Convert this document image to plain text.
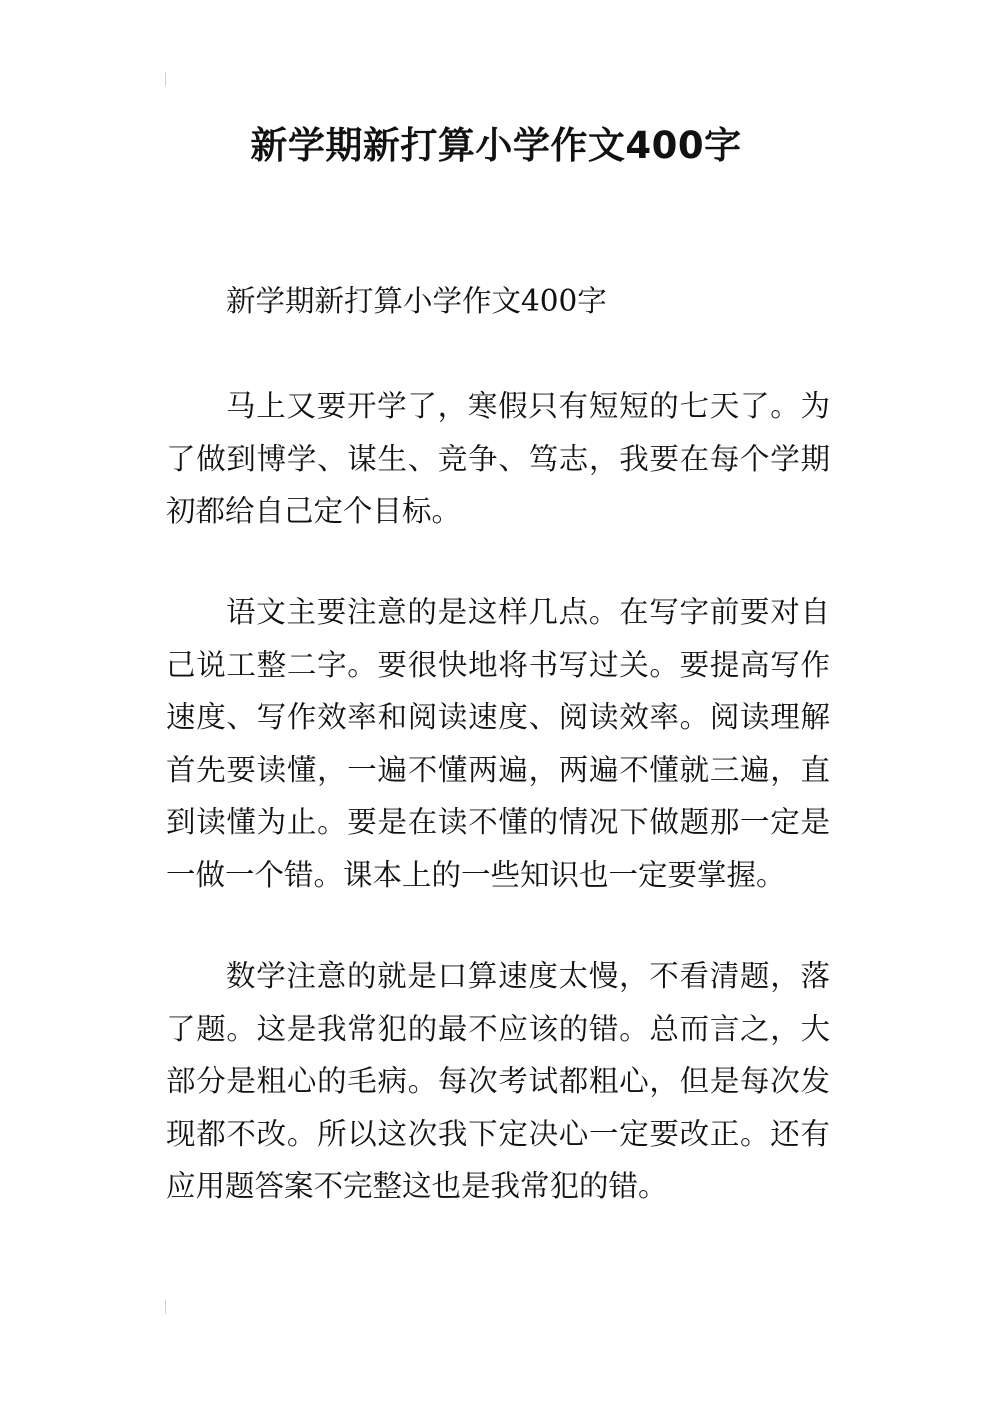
新学期新打算小学作文400字
新学期新打算小学作文400字

马上又要开学了，寒假只有短短的七天了。为了做到博学、谋生、竞争、笃志，我要在每个学期初都给自己定个目标。

语文主要注意的是这样几点。在写字前要对自己说工整二字。要很快地将书写过关。要提高写作速度、写作效率和阅读速度、阅读效率。阅读理解首先要读懂，一遍不懂两遍，两遍不懂就三遍，直到读懂为止。要是在读不懂的情况下做题那一定是一做一个错。课本上的一些知识也一定要掌握。

数学注意的就是口算速度太慢，不看清题，落了题。这是我常犯的最不应该的错。总而言之，大部分是粗心的毛病。每次考试都粗心，但是每次发现都不改。所以这次我下定决心一定要改正。还有应用题答案不完整这也是我常犯的错。
